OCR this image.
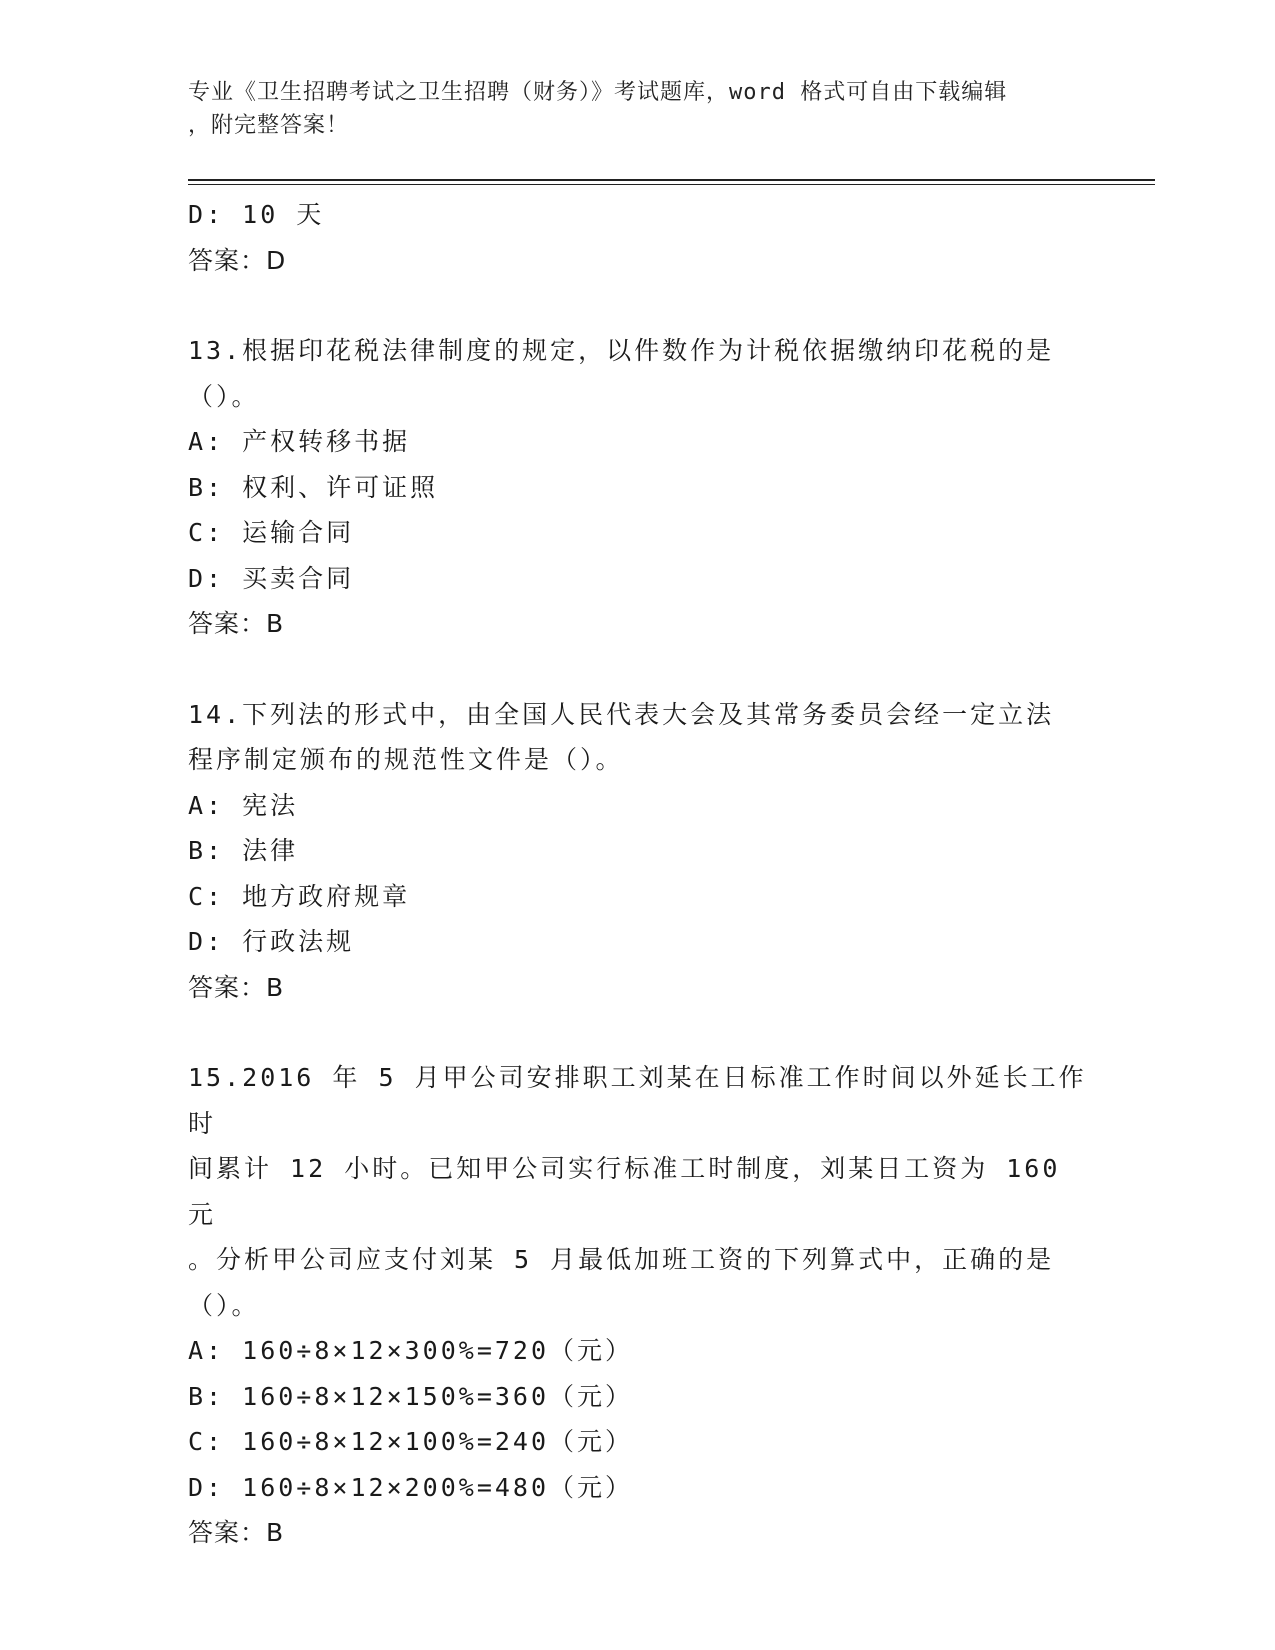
专业《卫生招聘考试之卫生招聘（财务）》考试题库，word 格式可自由下载编辑
，附完整答案！
D: 10 天
答案：D
13.根据印花税法律制度的规定，以件数作为计税依据缴纳印花税的是
（）。
A: 产权转移书据
B: 权利、许可证照
C: 运输合同
D: 买卖合同
答案：B
14.下列法的形式中，由全国人民代表大会及其常务委员会经一定立法
程序制定颁布的规范性文件是（）。
A: 宪法
B: 法律
C: 地方政府规章
D: 行政法规
答案：B
15.2016 年 5 月甲公司安排职工刘某在日标准工作时间以外延长工作时
间累计 12 小时。已知甲公司实行标准工时制度，刘某日工资为 160 元
。分析甲公司应支付刘某 5 月最低加班工资的下列算式中，正确的是
（）。
A: 160÷8×12×300%=720（元）
B: 160÷8×12×150%=360（元）
C: 160÷8×12×100%=240（元）
D: 160÷8×12×200%=480（元）
答案：B
